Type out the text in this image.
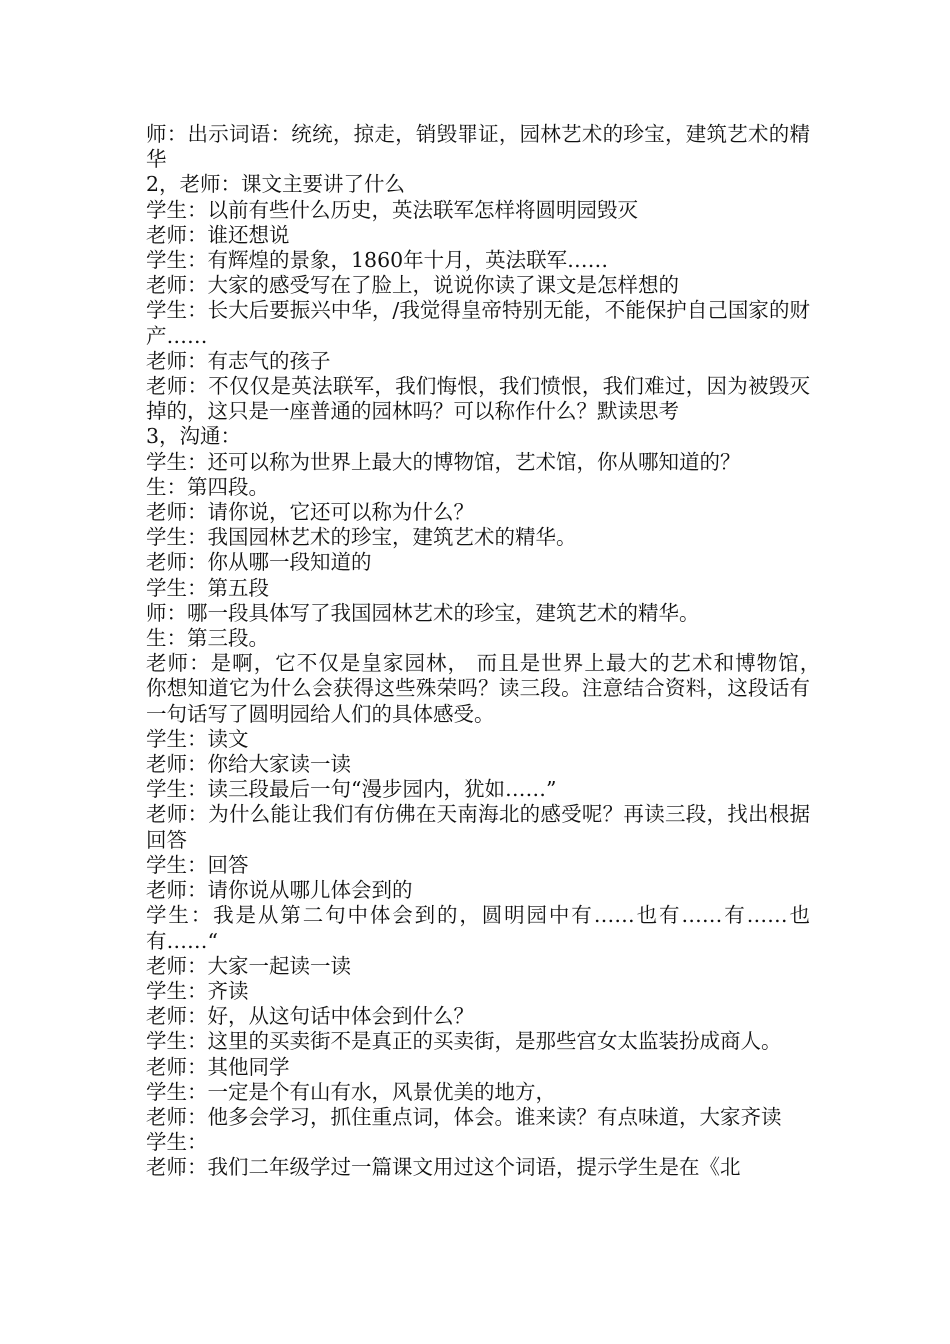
师：出示词语：统统，掠走，销毁罪证，园林艺术的珍宝，建筑艺术的精华

2，老师：课文主要讲了什么

学生：以前有些什么历史，英法联军怎样将圆明园毁灭

老师：谁还想说

学生：有辉煌的景象，1860年十月，英法联军……

老师：大家的感受写在了脸上，说说你读了课文是怎样想的

学生：长大后要振兴中华，/我觉得皇帝特别无能，不能保护自己国家的财产……

老师：有志气的孩子

老师：不仅仅是英法联军，我们悔恨，我们愤恨，我们难过，因为被毁灭掉的，这只是一座普通的园林吗？可以称作什么？默读思考

3，沟通：

学生：还可以称为世界上最大的博物馆，艺术馆，你从哪知道的？

生：第四段。

老师：请你说，它还可以称为什么？

学生：我国园林艺术的珍宝，建筑艺术的精华。

老师：你从哪一段知道的

学生：第五段

师：哪一段具体写了我国园林艺术的珍宝，建筑艺术的精华。

生：第三段。

老师：是啊，它不仅是皇家园林， 而且是世界上最大的艺术和博物馆，　　你想知道它为什么会获得这些殊荣吗？读三段。注意结合资料，这段话有一句话写了圆明园给人们的具体感受。

学生：读文

老师：你给大家读一读

学生：读三段最后一句“漫步园内，犹如……”

老师：为什么能让我们有仿佛在天南海北的感受呢？再读三段，找出根据回答

学生：回答

老师：请你说从哪儿体会到的

学生：我是从第二句中体会到的，圆明园中有……也有……有……也有……“

老师：大家一起读一读

学生：齐读

老师：好，从这句话中体会到什么？

学生：这里的买卖街不是真正的买卖街，是那些宫女太监装扮成商人。

老师：其他同学

学生：一定是个有山有水，风景优美的地方，

老师：他多会学习，抓住重点词，体会。谁来读？有点味道，大家齐读

学生：

老师：我们二年级学过一篇课文用过这个词语，提示学生是在《北
